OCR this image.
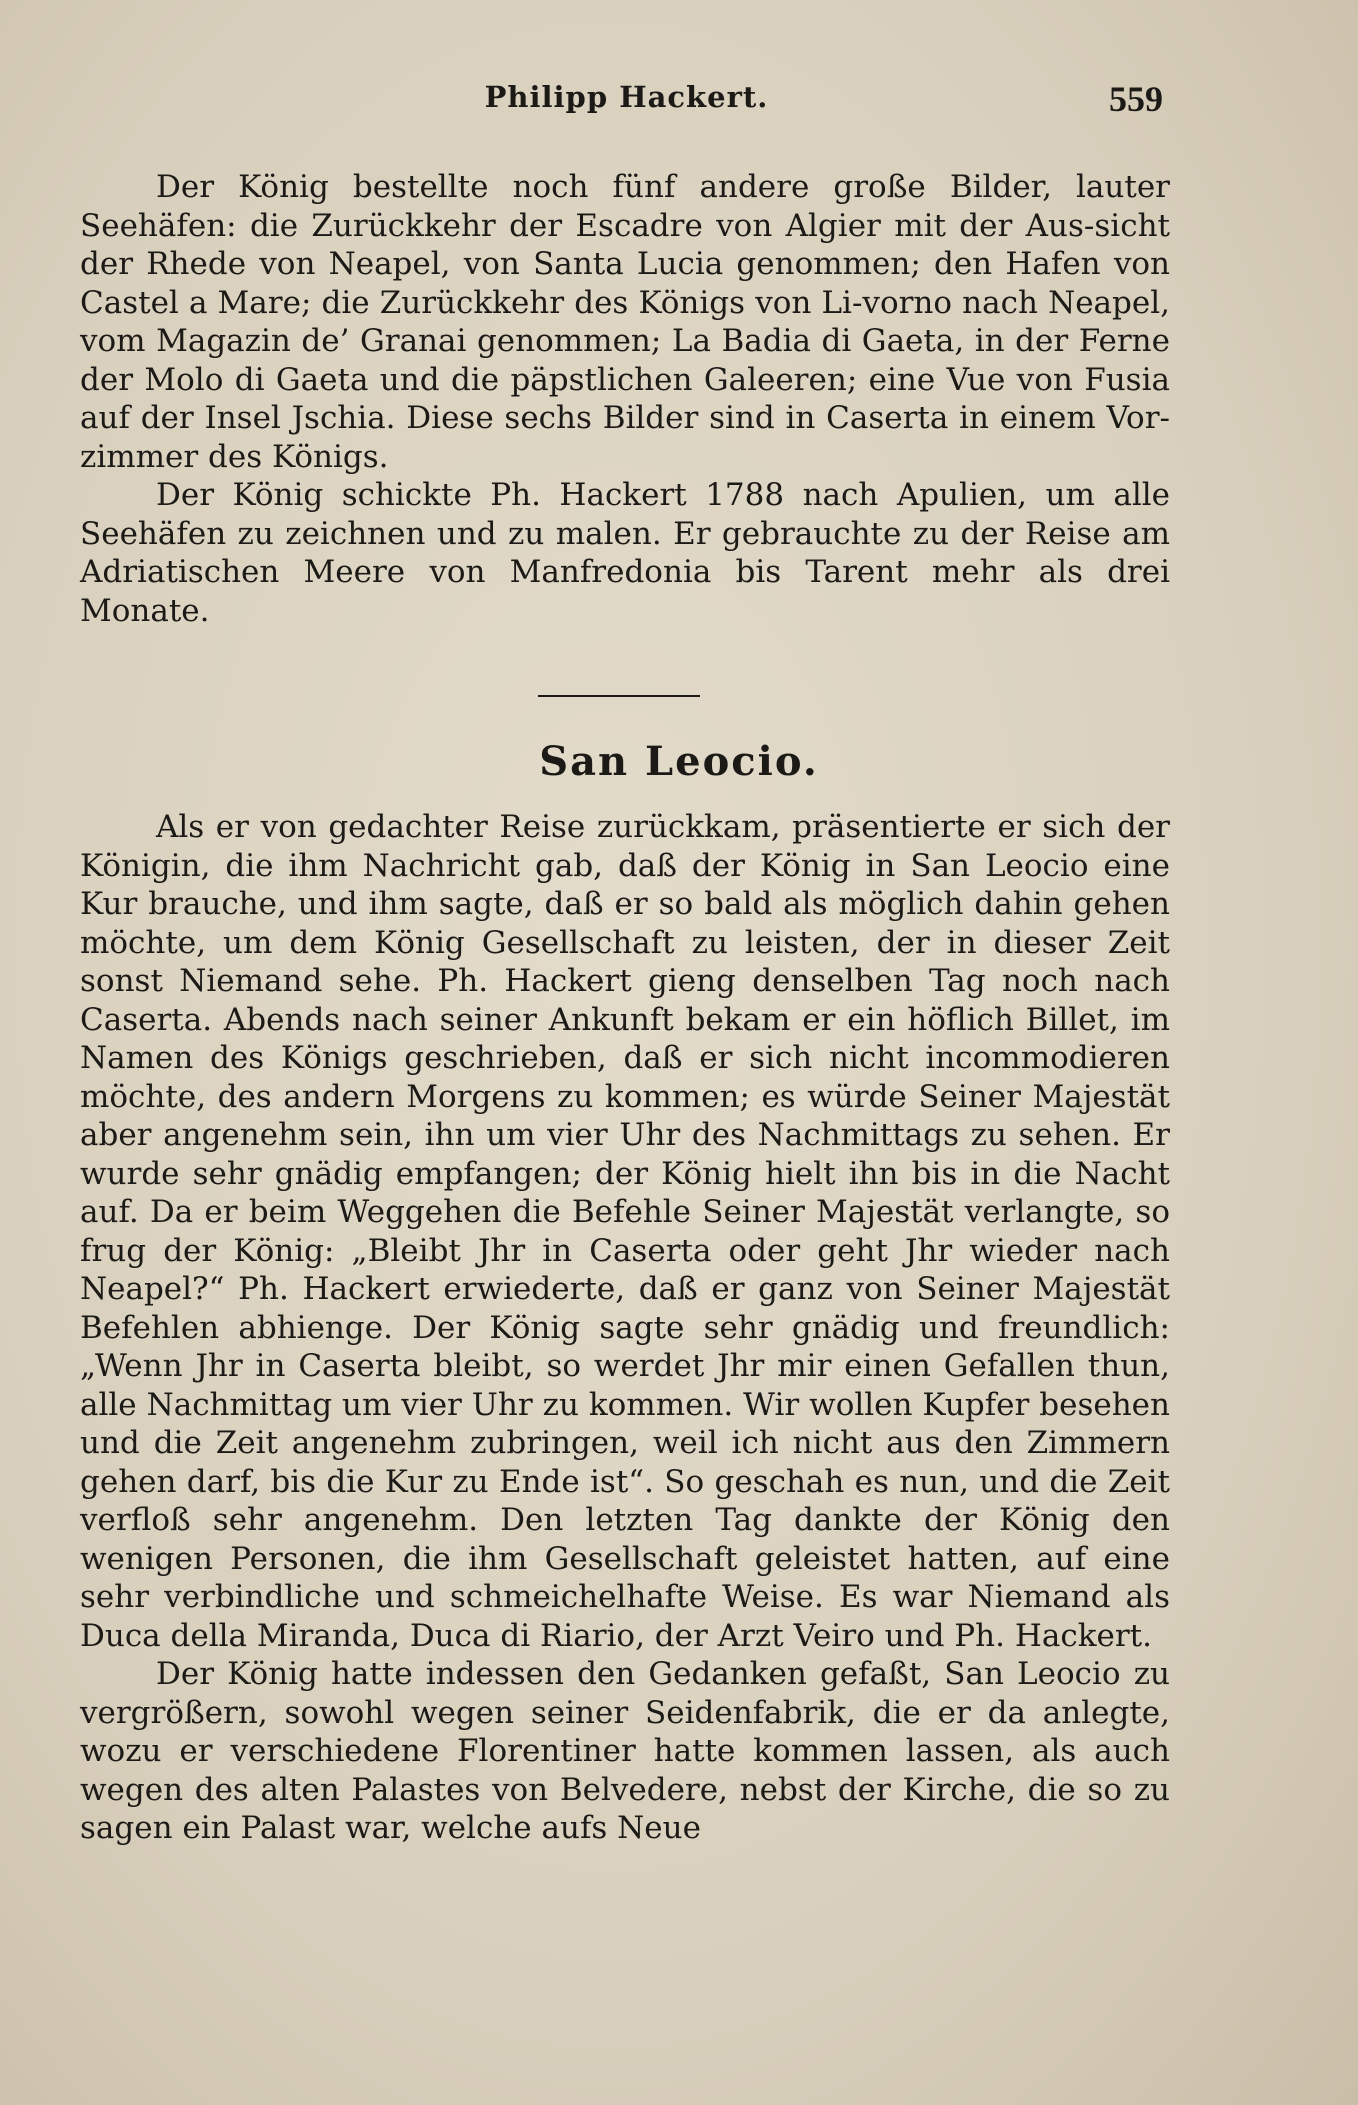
Philipp Hackert.	559

Der König bestellte noch fünf andere große Bilder, lauter Seehäfen: die Zurückkehr der Escadre von Algier mit der Aus-sicht der Rhede von Neapel, von Santa Lucia genommen; den Hafen von Castel a Mare; die Zurückkehr des Königs von Li-vorno nach Neapel, vom Magazin de’ Granai genommen; La Badia di Gaeta, in der Ferne der Molo di Gaeta und die päpstlichen Galeeren; eine Vue von Fusia auf der Insel Jschia. Diese sechs Bilder sind in Caserta in einem Vor-zimmer des Königs.

Der König schickte Ph. Hackert 1788 nach Apulien, um alle Seehäfen zu zeichnen und zu malen. Er gebrauchte zu der Reise am Adriatischen Meere von Manfredonia bis Tarent mehr als drei Monate.

San Leocio.

Als er von gedachter Reise zurückkam, präsentierte er sich der Königin, die ihm Nachricht gab, daß der König in San Leocio eine Kur brauche, und ihm sagte, daß er so bald als möglich dahin gehen möchte, um dem König Gesellschaft zu leisten, der in dieser Zeit sonst Niemand sehe. Ph. Hackert gieng denselben Tag noch nach Caserta. Abends nach seiner Ankunft bekam er ein höflich Billet, im Namen des Königs geschrieben, daß er sich nicht incommodieren möchte, des andern Morgens zu kommen; es würde Seiner Majestät aber angenehm sein, ihn um vier Uhr des Nachmittags zu sehen. Er wurde sehr gnädig empfangen; der König hielt ihn bis in die Nacht auf. Da er beim Weggehen die Befehle Seiner Majestät verlangte, so frug der König: „Bleibt Jhr in Caserta oder geht Jhr wieder nach Neapel?“ Ph. Hackert erwiederte, daß er ganz von Seiner Majestät Befehlen abhienge. Der König sagte sehr gnädig und freundlich: „Wenn Jhr in Caserta bleibt, so werdet Jhr mir einen Gefallen thun, alle Nachmittag um vier Uhr zu kommen. Wir wollen Kupfer besehen und die Zeit angenehm zubringen, weil ich nicht aus den Zimmern gehen darf, bis die Kur zu Ende ist“. So geschah es nun, und die Zeit verfloß sehr angenehm. Den letzten Tag dankte der König den wenigen Personen, die ihm Gesellschaft geleistet hatten, auf eine sehr verbindliche und schmeichelhafte Weise. Es war Niemand als Duca della Miranda, Duca di Riario, der Arzt Veiro und Ph. Hackert.

Der König hatte indessen den Gedanken gefaßt, San Leocio zu vergrößern, sowohl wegen seiner Seidenfabrik, die er da anlegte, wozu er verschiedene Florentiner hatte kommen lassen, als auch wegen des alten Palastes von Belvedere, nebst der Kirche, die so zu sagen ein Palast war, welche aufs Neue
